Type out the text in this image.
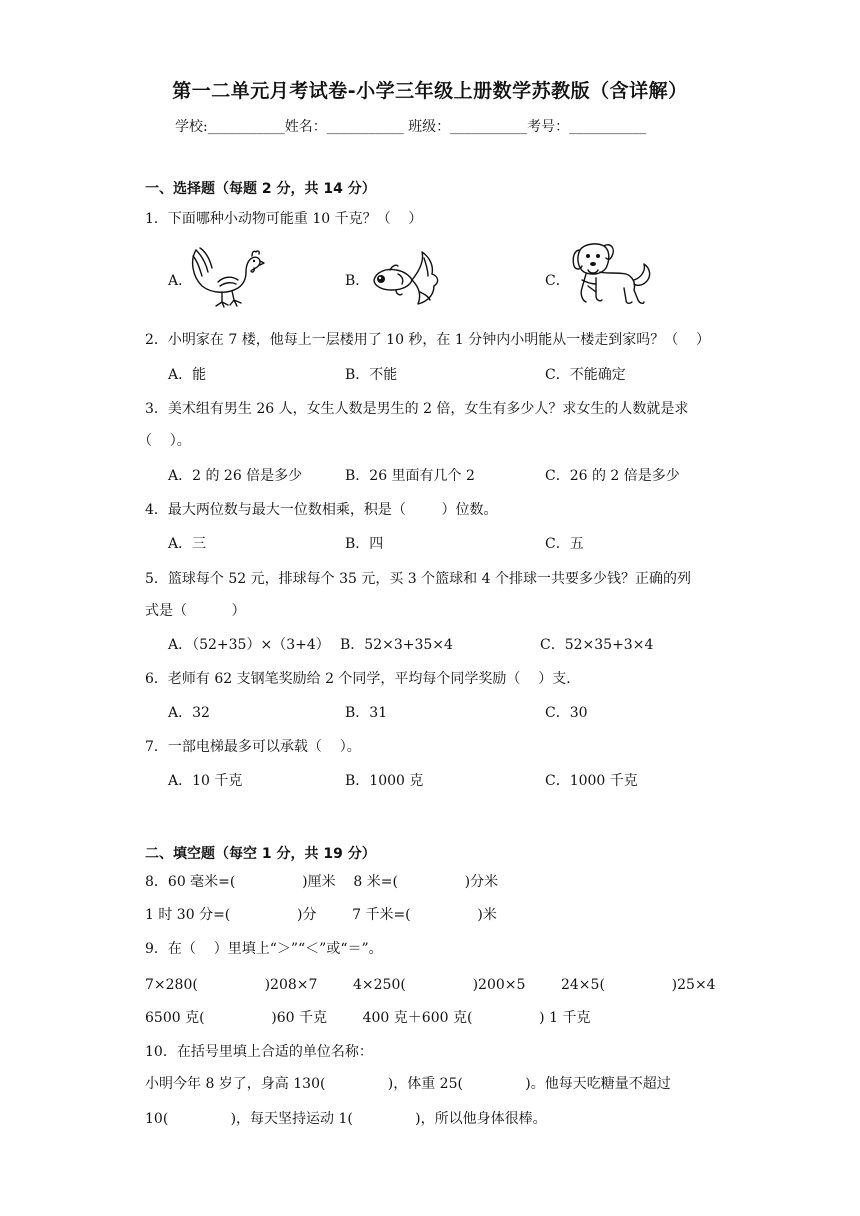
第一二单元月考试卷-小学三年级上册数学苏教版（含详解）
学校:___________姓名：___________ 班级：___________考号：___________
一、选择题（每题 2 分，共 14 分）
1．下面哪种小动物可能重 10 千克？（    ）
A．	B．	C．
2．小明家在 7 楼，他每上一层楼用了 10 秒，在 1 分钟内小明能从一楼走到家吗？（    ）
A．能	B．不能	C．不能确定
3．美术组有男生 26 人，女生人数是男生的 2 倍，女生有多少人？求女生的人数就是求
（    ）。
A．2 的 26 倍是多少	B．26 里面有几个 2	C．26 的 2 倍是多少
4．最大两位数与最大一位数相乘，积是（        ）位数。
A．三	B．四	C．五
5．篮球每个 52 元，排球每个 35 元，买 3 个篮球和 4 个排球一共要多少钱？正确的列
式是（          ）
A．（52+35）×（3+4） B．52×3+35×4	C．52×35+3×4
6．老师有 62 支钢笔奖励给 2 个同学，平均每个同学奖励（    ）支．
A．32	B．31	C．30
7．一部电梯最多可以承载（    ）。
A．10 千克	B．1000 克	C．1000 千克
二、填空题（每空 1 分，共 19 分）
8．60 毫米=(               )厘米    8 米=(               )分米
1 时 30 分=(               )分        7 千米=(               )米
9．在（    ）里填上“＞”“＜”或“＝”。
7×280(               )208×7        4×250(               )200×5        24×5(               )25×4
6500 克(               )60 千克        400 克＋600 克(               ) 1 千克
10．在括号里填上合适的单位名称：
小明今年 8 岁了，身高 130(              )，体重 25(              )。他每天吃糖量不超过
10(              )，每天坚持运动 1(              )，所以他身体很棒。
